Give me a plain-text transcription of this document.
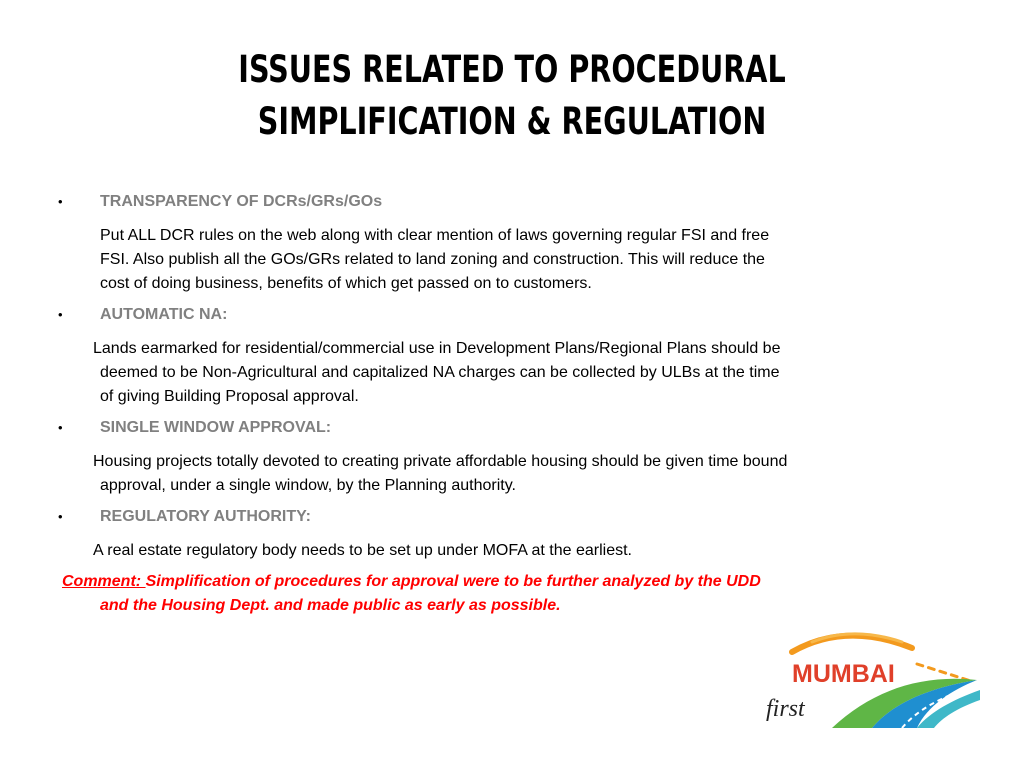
ISSUES RELATED TO PROCEDURAL
SIMPLIFICATION & REGULATION
• TRANSPARENCY OF DCRs/GRs/GOs
Put ALL DCR rules on the web along with clear mention of laws governing regular FSI and free
FSI. Also publish all the GOs/GRs related to land zoning and construction. This will reduce the
cost of doing business, benefits of which get passed on to customers.
• AUTOMATIC NA:
Lands earmarked for residential/commercial use in Development Plans/Regional Plans should be
deemed to be Non-Agricultural and capitalized NA charges can be collected by ULBs at the time
of giving Building Proposal approval.
• SINGLE WINDOW APPROVAL:
Housing projects totally devoted to creating private affordable housing should be given time bound
approval, under a single window, by the Planning authority.
• REGULATORY AUTHORITY:
A real estate regulatory body needs to be set up under MOFA at the earliest.
Comment: Simplification of procedures for approval were to be further analyzed by the UDD
and the Housing Dept. and made public as early as possible.
MUMBAI
first
